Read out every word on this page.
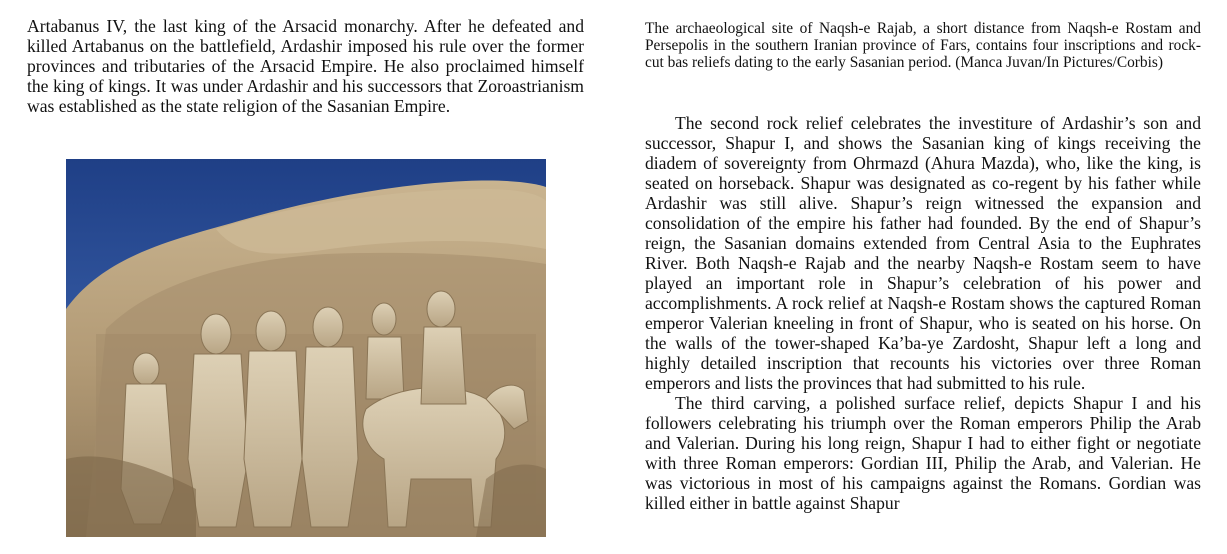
Artabanus IV, the last king of the Arsacid monarchy. After he defeated and killed Artabanus on the battlefield, Ardashir imposed his rule over the former provinces and tributaries of the Arsacid Empire. He also proclaimed himself the king of kings. It was under Ardashir and his successors that Zoroastrianism was established as the state religion of the Sasanian Empire.

The archaeological site of Naqsh-e Rajab, a short distance from Naqsh-e Rostam and Persepolis in the southern Iranian province of Fars, contains four inscriptions and rock-cut bas reliefs dating to the early Sasanian period. (Manca Juvan/In Pictures/Corbis)

The second rock relief celebrates the investiture of Ardashir’s son and successor, Shapur I, and shows the Sasanian king of kings receiving the diadem of sovereignty from Ohrmazd (Ahura Mazda), who, like the king, is seated on horseback. Shapur was designated as co-regent by his father while Ardashir was still alive. Shapur’s reign witnessed the expansion and consolidation of the empire his father had founded. By the end of Shapur’s reign, the Sasanian domains extended from Central Asia to the Euphrates River. Both Naqsh-e Rajab and the nearby Naqsh-e Rostam seem to have played an important role in Shapur’s celebration of his power and accomplishments. A rock relief at Naqsh-e Rostam shows the captured Roman emperor Valerian kneeling in front of Shapur, who is seated on his horse. On the walls of the tower-shaped Ka’ba-ye Zardosht, Shapur left a long and highly detailed inscription that recounts his victories over three Roman emperors and lists the provinces that had submitted to his rule.

The third carving, a polished surface relief, depicts Shapur I and his followers celebrating his triumph over the Roman emperors Philip the Arab and Valerian. During his long reign, Shapur I had to either fight or negotiate with three Roman emperors: Gordian III, Philip the Arab, and Valerian. He was victorious in most of his campaigns against the Romans. Gordian was killed either in battle against Shapur
